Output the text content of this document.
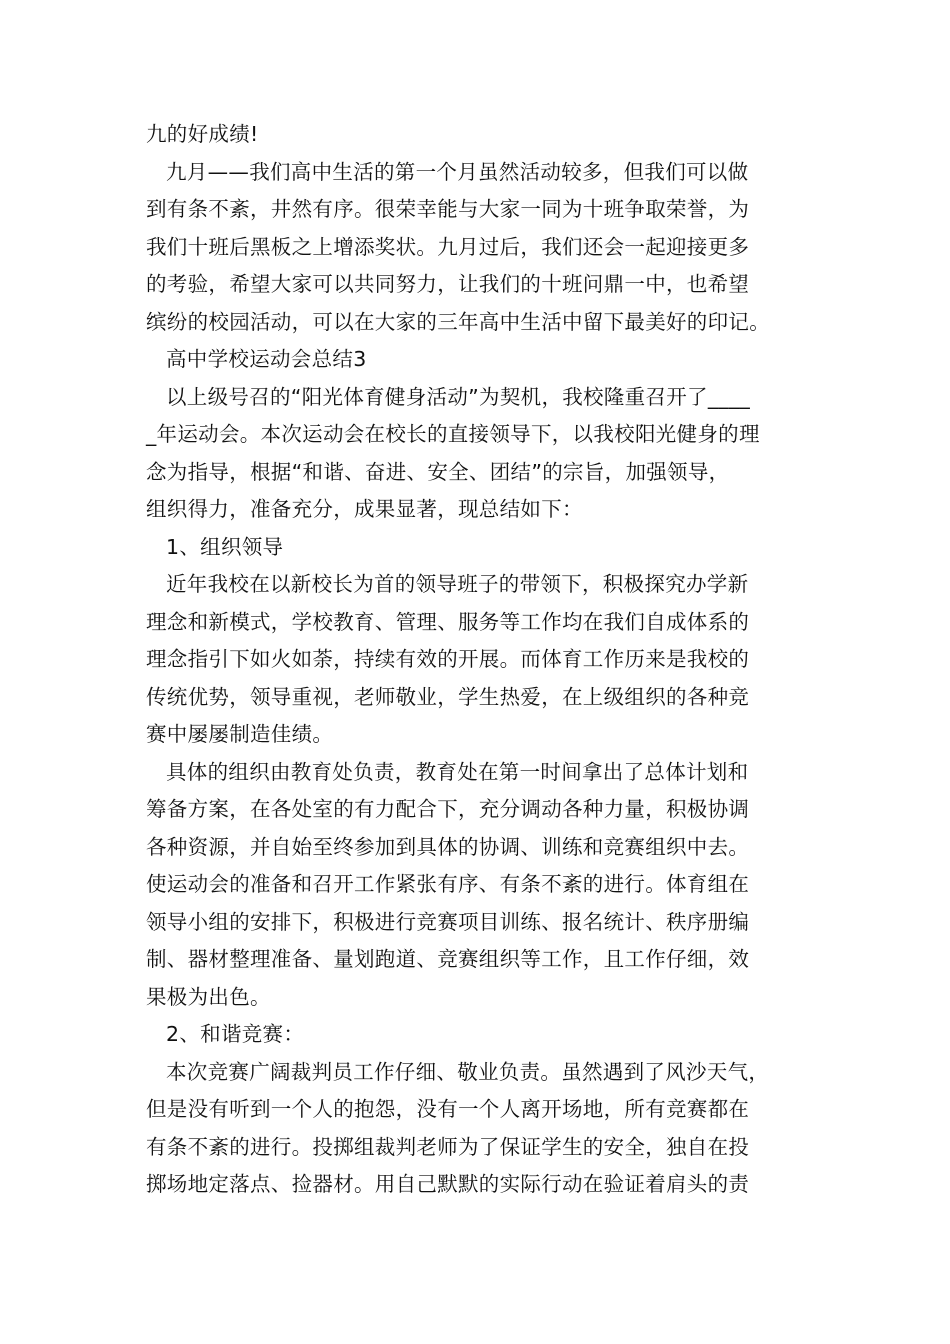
九的好成绩!
九月——我们高中生活的第一个月虽然活动较多，但我们可以做
到有条不紊，井然有序。很荣幸能与大家一同为十班争取荣誉，为
我们十班后黑板之上增添奖状。九月过后，我们还会一起迎接更多
的考验，希望大家可以共同努力，让我们的十班问鼎一中，也希望
缤纷的校园活动，可以在大家的三年高中生活中留下最美好的印记。
高中学校运动会总结3
以上级号召的“阳光体育健身活动”为契机，我校隆重召开了____
_年运动会。本次运动会在校长的直接领导下，以我校阳光健身的理
念为指导，根据“和谐、奋进、安全、团结”的宗旨，加强领导，
组织得力，准备充分，成果显著，现总结如下：
1、组织领导
近年我校在以新校长为首的领导班子的带领下，积极探究办学新
理念和新模式，学校教育、管理、服务等工作均在我们自成体系的
理念指引下如火如荼，持续有效的开展。而体育工作历来是我校的
传统优势，领导重视，老师敬业，学生热爱，在上级组织的各种竞
赛中屡屡制造佳绩。
具体的组织由教育处负责，教育处在第一时间拿出了总体计划和
筹备方案，在各处室的有力配合下，充分调动各种力量，积极协调
各种资源，并自始至终参加到具体的协调、训练和竞赛组织中去。
使运动会的准备和召开工作紧张有序、有条不紊的进行。体育组在
领导小组的安排下，积极进行竞赛项目训练、报名统计、秩序册编
制、器材整理准备、量划跑道、竞赛组织等工作，且工作仔细，效
果极为出色。
2、和谐竞赛：
本次竞赛广阔裁判员工作仔细、敬业负责。虽然遇到了风沙天气，
但是没有听到一个人的抱怨，没有一个人离开场地，所有竞赛都在
有条不紊的进行。投掷组裁判老师为了保证学生的安全，独自在投
掷场地定落点、捡器材。用自己默默的实际行动在验证着肩头的责
